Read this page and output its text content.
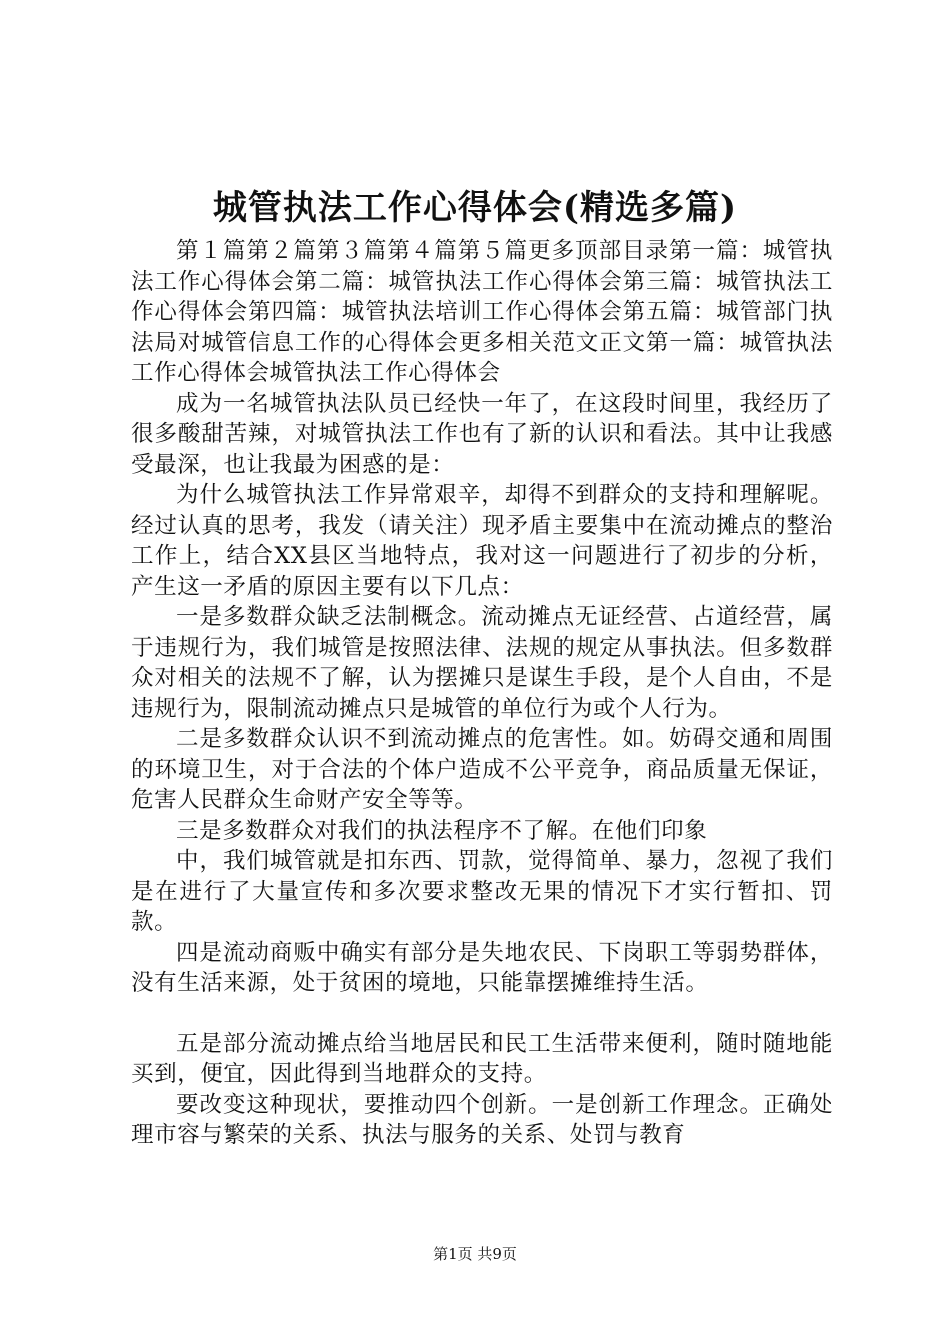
城管执法工作心得体会(精选多篇)

第１篇第２篇第３篇第４篇第５篇更多顶部目录第一篇：城管执法工作心得体会第二篇：城管执法工作心得体会第三篇：城管执法工作心得体会第四篇：城管执法培训工作心得体会第五篇：城管部门执法局对城管信息工作的心得体会更多相关范文正文第一篇：城管执法工作心得体会城管执法工作心得体会

成为一名城管执法队员已经快一年了，在这段时间里，我经历了很多酸甜苦辣，对城管执法工作也有了新的认识和看法。其中让我感受最深，也让我最为困惑的是：

为什么城管执法工作异常艰辛，却得不到群众的支持和理解呢。经过认真的思考，我发（请关注）现矛盾主要集中在流动摊点的整治工作上，结合XX县区当地特点，我对这一问题进行了初步的分析，产生这一矛盾的原因主要有以下几点：

一是多数群众缺乏法制概念。流动摊点无证经营、占道经营，属于违规行为，我们城管是按照法律、法规的规定从事执法。但多数群众对相关的法规不了解，认为摆摊只是谋生手段，是个人自由，不是违规行为，限制流动摊点只是城管的单位行为或个人行为。

二是多数群众认识不到流动摊点的危害性。如。妨碍交通和周围的环境卫生，对于合法的个体户造成不公平竞争，商品质量无保证，危害人民群众生命财产安全等等。

三是多数群众对我们的执法程序不了解。在他们印象

中，我们城管就是扣东西、罚款，觉得简单、暴力，忽视了我们是在进行了大量宣传和多次要求整改无果的情况下才实行暂扣、罚款。

四是流动商贩中确实有部分是失地农民、下岗职工等弱势群体，没有生活来源，处于贫困的境地，只能靠摆摊维持生活。

五是部分流动摊点给当地居民和民工生活带来便利，随时随地能买到，便宜，因此得到当地群众的支持。

要改变这种现状，要推动四个创新。一是创新工作理念。正确处理市容与繁荣的关系、执法与服务的关系、处罚与教育

第1页 共9页
